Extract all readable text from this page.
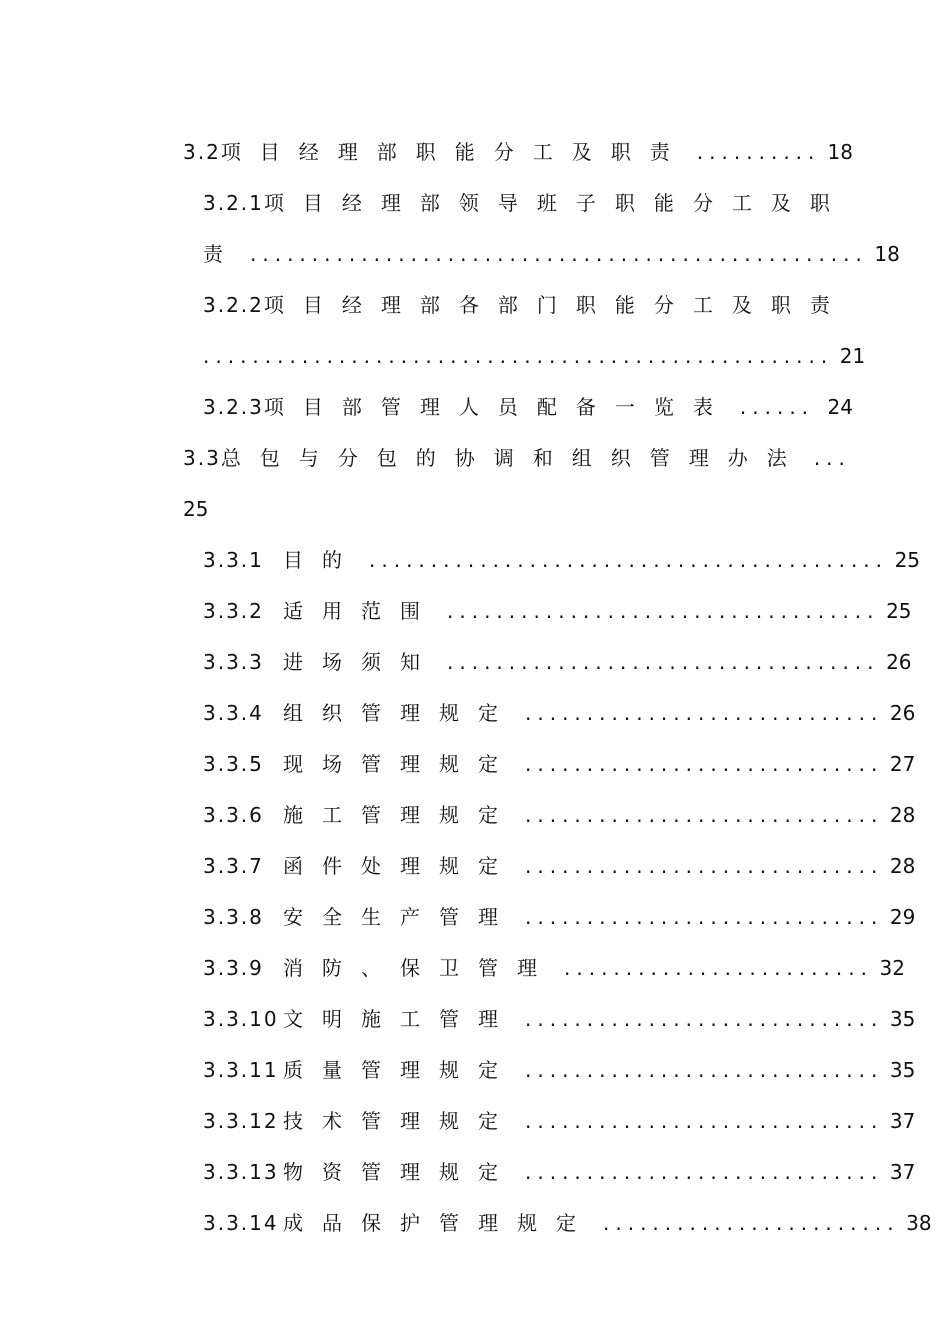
3.2 项目经理部职能分工及职责 .......... 18
3.2.1 项目经理部领导班子职能分工及职
责 .................................................. 18
3.2.2 项目经理部各部门职能分工及职责
................................................... 21
3.2.3 项目部管理人员配备一览表 ...... 24
3.3 总包与分包的协调和组织管理办法 ...
25
3.3.1 目的 .......................................... 25
3.3.2 适用范围 ................................... 25
3.3.3 进场须知 ................................... 26
3.3.4 组织管理规定 ............................. 26
3.3.5 现场管理规定 ............................. 27
3.3.6 施工管理规定 ............................. 28
3.3.7 函件处理规定 ............................. 28
3.3.8 安全生产管理 ............................. 29
3.3.9 消防、保卫管理 ......................... 32
3.3.10 文明施工管理 ............................. 35
3.3.11 质量管理规定 ............................. 35
3.3.12 技术管理规定 ............................. 37
3.3.13 物资管理规定 ............................. 37
3.3.14 成品保护管理规定 ........................ 38
